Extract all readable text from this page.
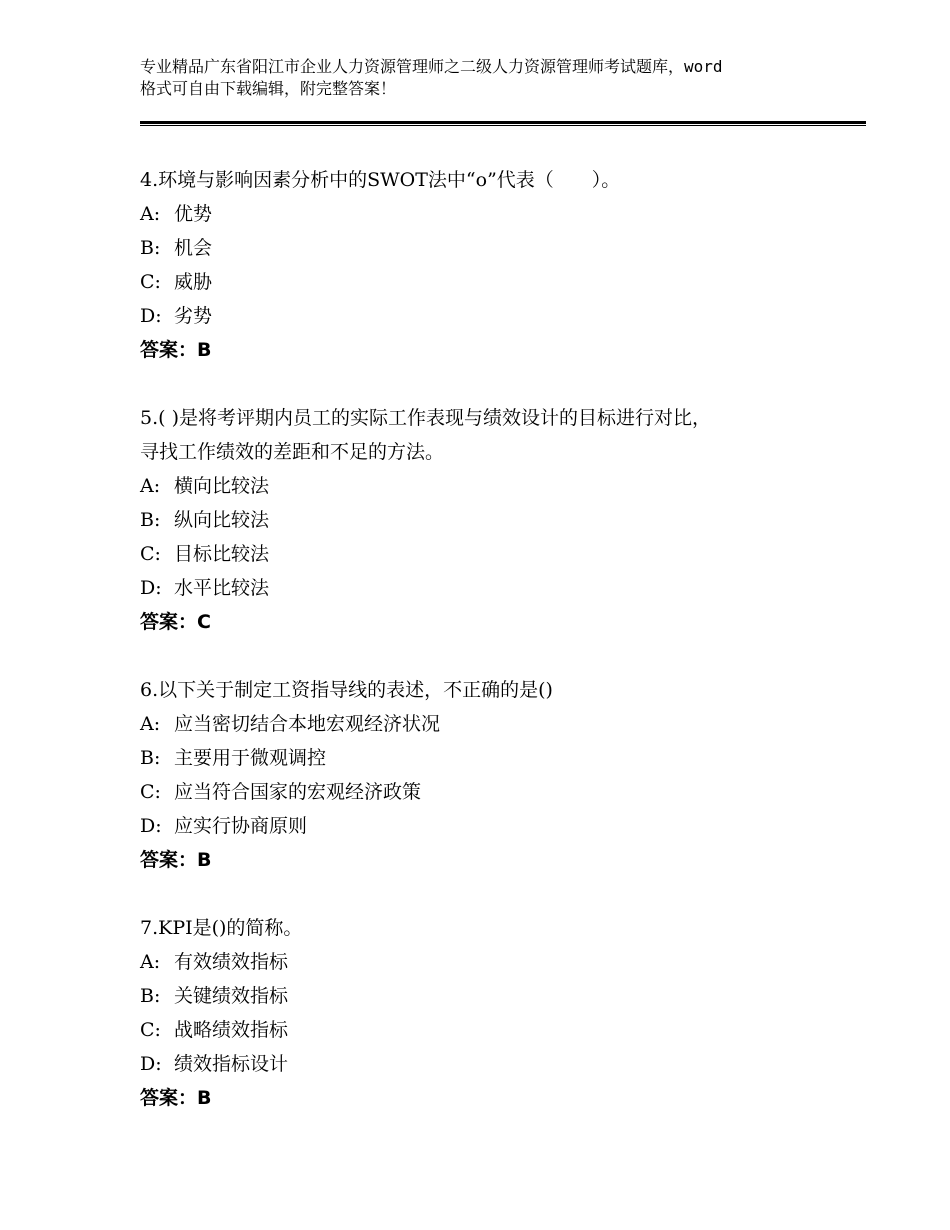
专业精品广东省阳江市企业人力资源管理师之二级人力资源管理师考试题库，word
格式可自由下载编辑，附完整答案！
4.环境与影响因素分析中的SWOT法中“o”代表（　　）。
A: 优势
B: 机会
C: 威胁
D: 劣势
答案：B
5.( )是将考评期内员工的实际工作表现与绩效设计的目标进行对比，
寻找工作绩效的差距和不足的方法。
A: 横向比较法
B: 纵向比较法
C: 目标比较法
D: 水平比较法
答案：C
6.以下关于制定工资指导线的表述，不正确的是()
A: 应当密切结合本地宏观经济状况
B: 主要用于微观调控
C: 应当符合国家的宏观经济政策
D: 应实行协商原则
答案：B
7.KPI是()的简称。
A: 有效绩效指标
B: 关键绩效指标
C: 战略绩效指标
D: 绩效指标设计
答案：B
